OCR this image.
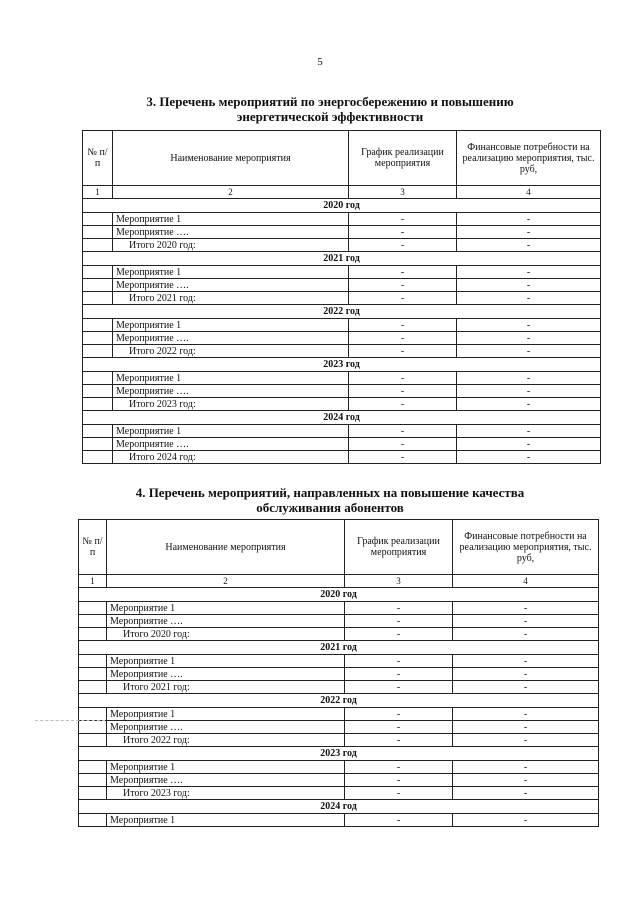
5
3. Перечень мероприятий по энергосбережению и повышению
энергетической эффективности
№ п/п	Наименование мероприятия	График реализации мероприятия	Финансовые потребности на реализацию мероприятия, тыс. руб,
1	2	3	4
2020 год			
	Мероприятие 1	-	-
	Мероприятие ….	-	-
	Итого 2020 год:	-	-
2021 год			
	Мероприятие 1	-	-
	Мероприятие ….	-	-
	Итого 2021 год:	-	-
2022 год			
	Мероприятие 1	-	-
	Мероприятие ….	-	-
	Итого 2022 год:	-	-
2023 год			
	Мероприятие 1	-	-
	Мероприятие ….	-	-
	Итого 2023 год:	-	-
2024 год			
	Мероприятие 1	-	-
	Мероприятие ….	-	-
	Итого 2024 год:	-	-
4. Перечень мероприятий, направленных на повышение качества
обслуживания абонентов
№ п/п	Наименование мероприятия	График реализации мероприятия	Финансовые потребности на реализацию мероприятия, тыс. руб,
1	2	3	4
2020 год			
	Мероприятие 1	-	-
	Мероприятие ….	-	-
	Итого 2020 год:	-	-
2021 год			
	Мероприятие 1	-	-
	Мероприятие ….	-	-
	Итого 2021 год:	-	-
2022 год			
	Мероприятие 1	-	-
	Мероприятие ….	-	-
	Итого 2022 год:	-	-
2023 год			
	Мероприятие 1	-	-
	Мероприятие ….	-	-
	Итого 2023 год:	-	-
2024 год			
	Мероприятие 1	-	-
